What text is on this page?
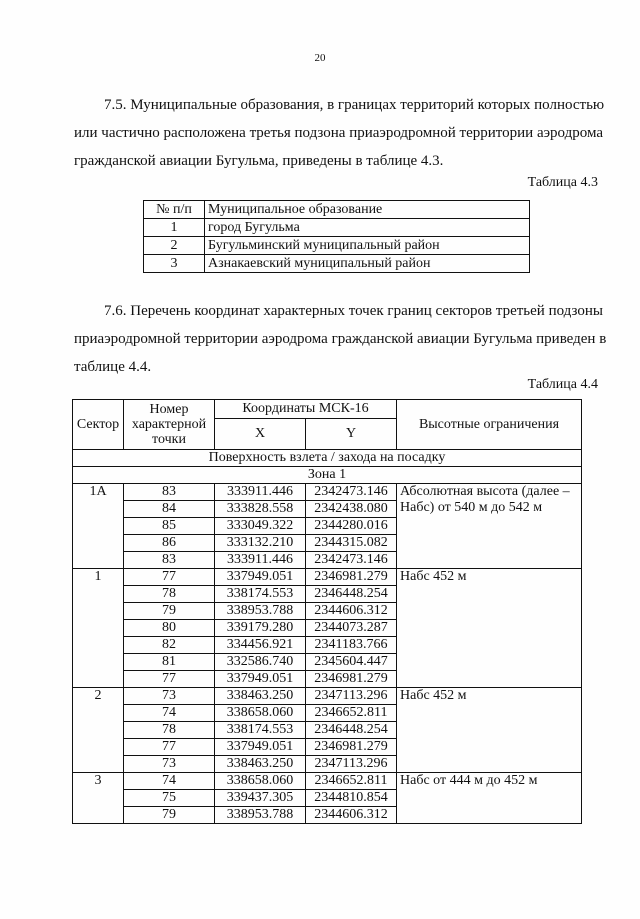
20

7.5. Муниципальные образования, в границах территорий которых полностью
или частично расположена третья подзона приаэродромной территории аэродрома
гражданской авиации Бугульма, приведены в таблице 4.3.

Таблица 4.3
№ п/п	Муниципальное образование
1	город Бугульма
2	Бугульминский муниципальный район
3	Азнакаевский муниципальный район

7.6. Перечень координат характерных точек границ секторов третьей подзоны
приаэродромной территории аэродрома гражданской авиации Бугульма приведен в
таблице 4.4.

Таблица 4.4
Сектор	Номер характерной точки	Координаты МСК-16		Высотные ограничения
		X	Y	
Поверхность взлета / захода на посадку				
Зона 1				
1А	83	333911.446	2342473.146	Абсолютная высота (далее – Набс) от 540 м до 542 м
	84	333828.558	2342438.080	
	85	333049.322	2344280.016	
	86	333132.210	2344315.082	
	83	333911.446	2342473.146	
1	77	337949.051	2346981.279	Набс 452 м
	78	338174.553	2346448.254	
	79	338953.788	2344606.312	
	80	339179.280	2344073.287	
	82	334456.921	2341183.766	
	81	332586.740	2345604.447	
	77	337949.051	2346981.279	
2	73	338463.250	2347113.296	Набс 452 м
	74	338658.060	2346652.811	
	78	338174.553	2346448.254	
	77	337949.051	2346981.279	
	73	338463.250	2347113.296	
3	74	338658.060	2346652.811	Набс от 444 м до 452 м
	75	339437.305	2344810.854	
	79	338953.788	2344606.312	
